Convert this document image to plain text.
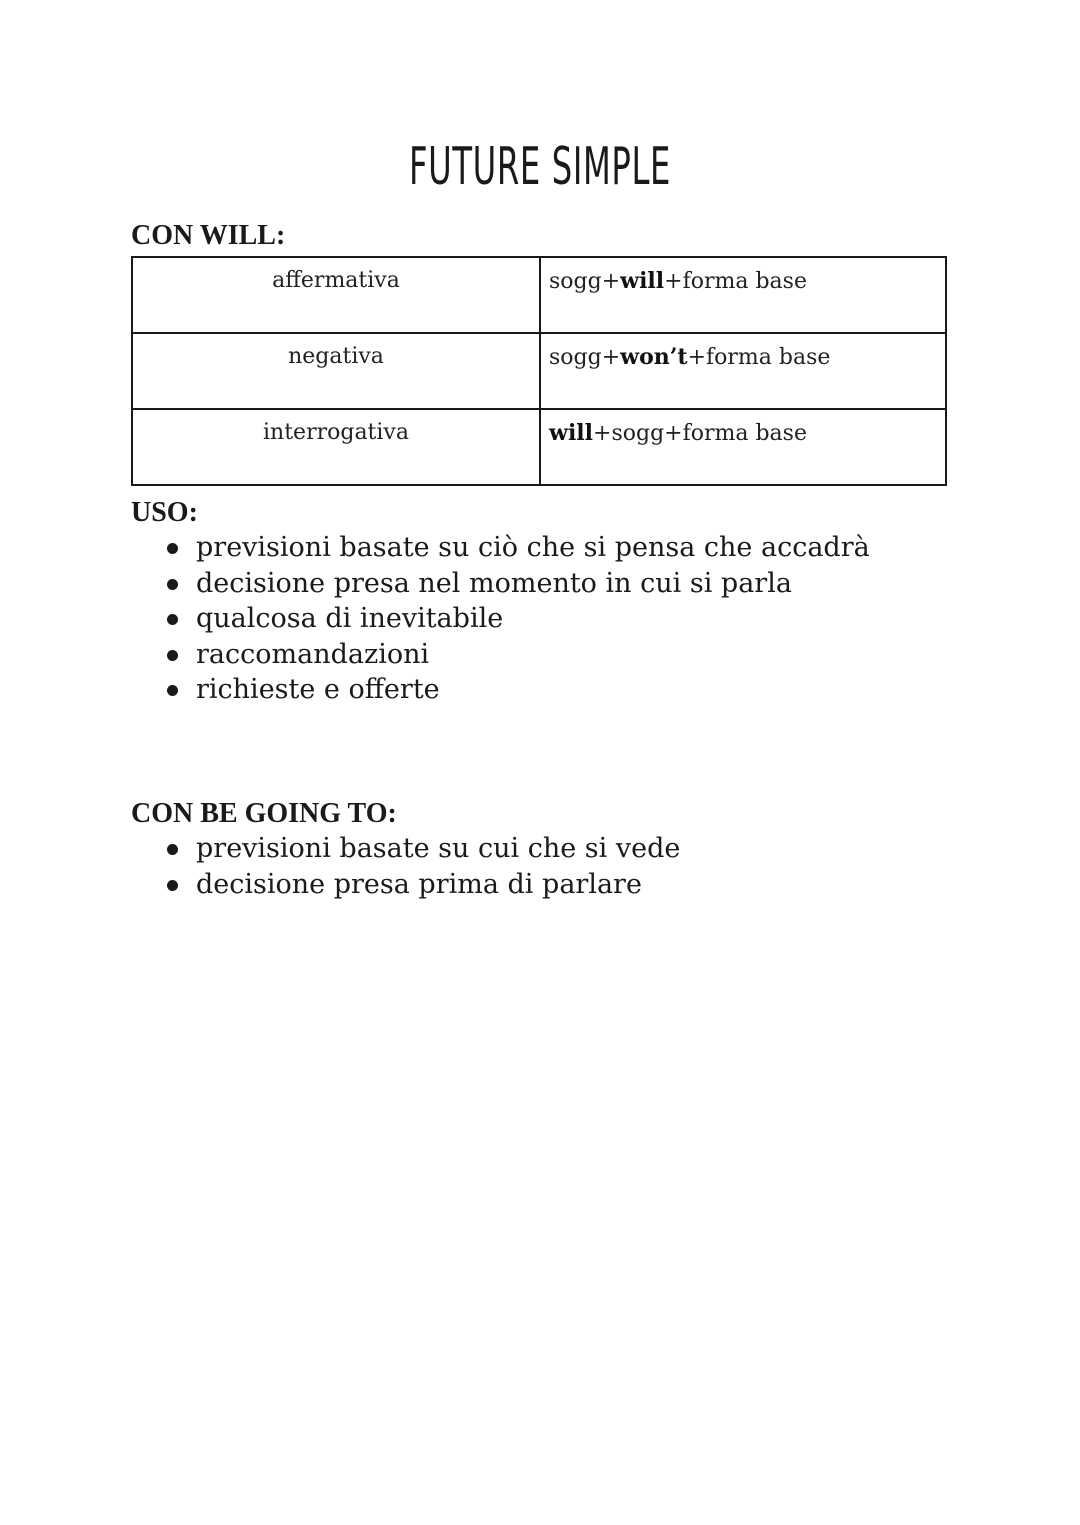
FUTURE SIMPLE
CON WILL:
affermativa	sogg+will+forma base
negativa	sogg+won’t+forma base
interrogativa	will+sogg+forma base
USO:
previsioni basate su ciò che si pensa che accadrà
decisione presa nel momento in cui si parla
qualcosa di inevitabile
raccomandazioni
richieste e offerte
CON BE GOING TO:
previsioni basate su cui che si vede
decisione presa prima di parlare
